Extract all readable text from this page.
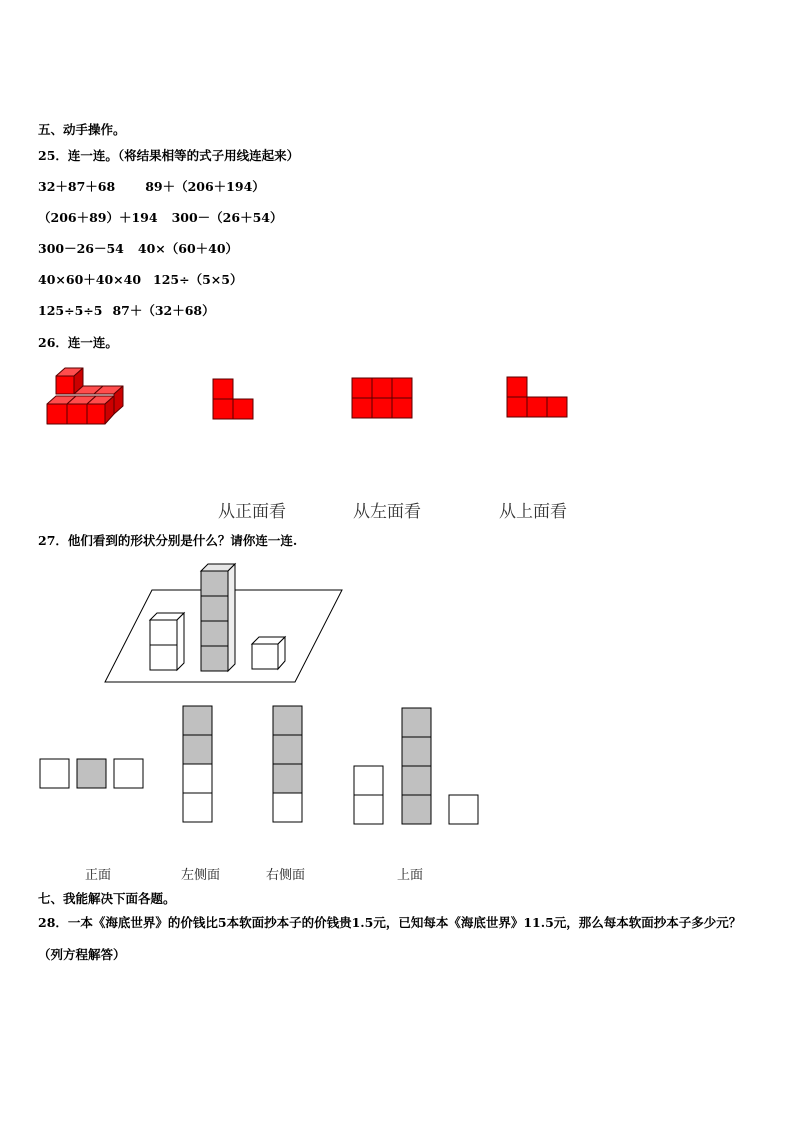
五、动手操作。
25．连一连。（将结果相等的式子用线连起来）
32＋87＋68 89＋（206＋194）
（206＋89）＋194 300－（26＋54）
300－26－54 40×（60＋40）
40×60＋40×40 125÷（5×5）
125÷5÷5 87＋（32＋68）
26．连一连。
从正面看	从左面看	从上面看
27．他们看到的形状分别是什么？请你连一连.
正面	左侧面	右侧面	上面
七、我能解决下面各题。
28．一本《海底世界》的价钱比5本软面抄本子的价钱贵1.5元，已知每本《海底世界》11.5元，那么每本软面抄本子多少元？（列方程解答）
